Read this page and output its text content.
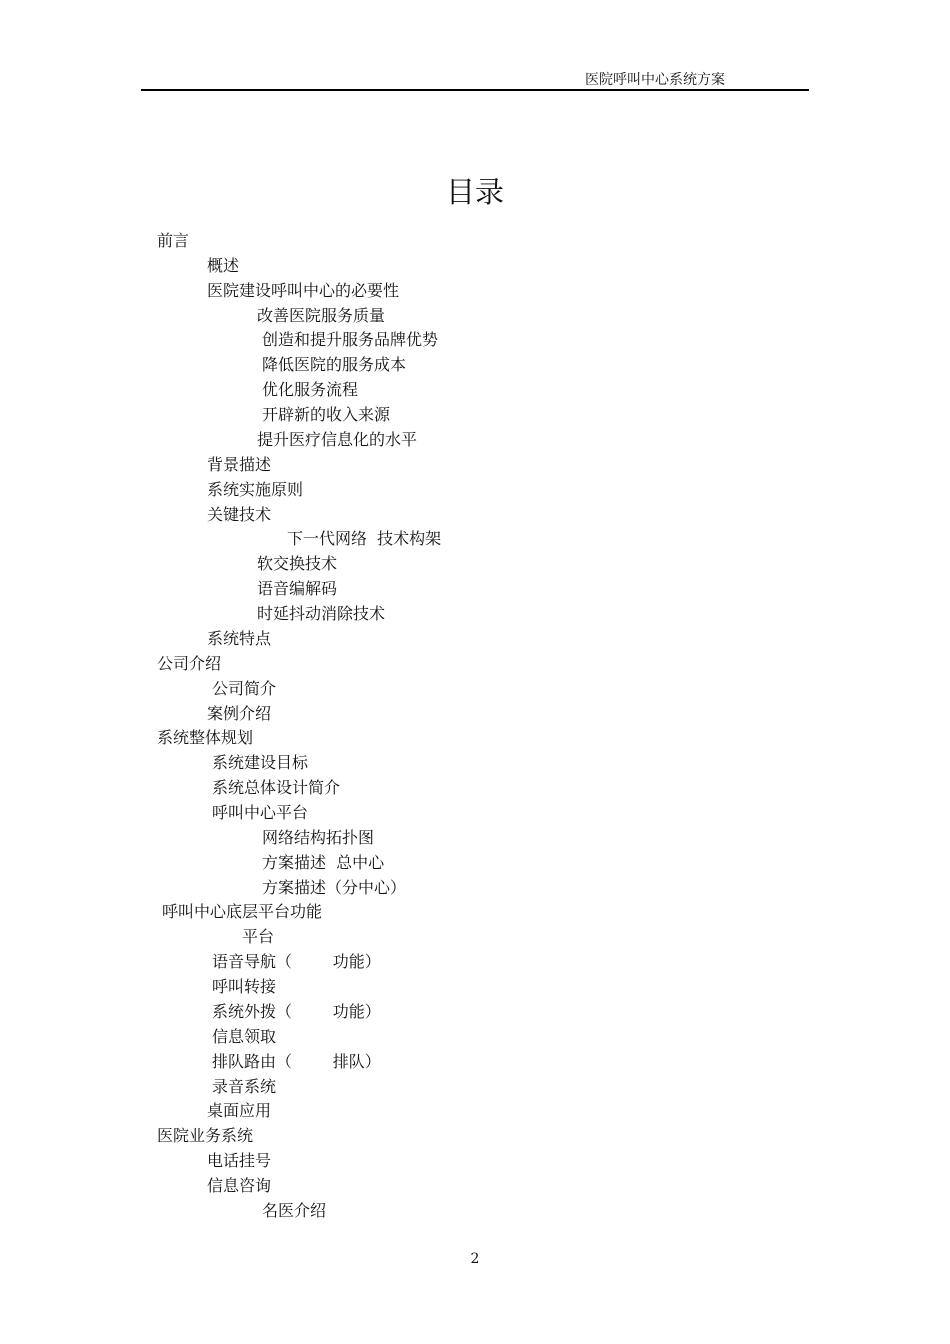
医院呼叫中心系统方案
目录
前言
概述
医院建设呼叫中心的必要性
改善医院服务质量
创造和提升服务品牌优势
降低医院的服务成本
优化服务流程
开辟新的收入来源
提升医疗信息化的水平
背景描述
系统实施原则
关键技术
下一代网络  技术构架
软交换技术
语音编解码
时延抖动消除技术
系统特点
公司介绍
公司简介
案例介绍
系统整体规划
系统建设目标
系统总体设计简介
呼叫中心平台
网络结构拓扑图
方案描述  总中心
方案描述（分中心）
呼叫中心底层平台功能
平台
语音导航（        功能）
呼叫转接
系统外拨（        功能）
信息领取
排队路由（        排队）
录音系统
桌面应用
医院业务系统
电话挂号
信息咨询
名医介绍
2
